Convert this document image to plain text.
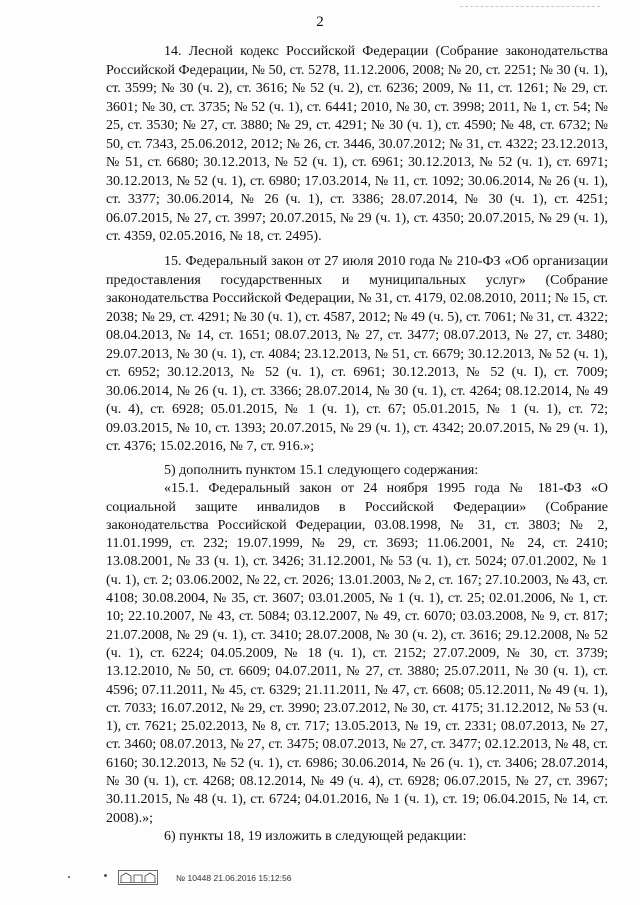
2

14. Лесной кодекс Российской Федерации (Собрание законодательства Российской Федерации, № 50, ст. 5278, 11.12.2006, 2008; № 20, ст. 2251; № 30 (ч. 1), ст. 3599; № 30 (ч. 2), ст. 3616; № 52 (ч. 2), ст. 6236; 2009, № 11, ст. 1261; № 29, ст. 3601; № 30, ст. 3735; № 52 (ч. 1), ст. 6441; 2010, № 30, ст. 3998; 2011, № 1, ст. 54; № 25, ст. 3530; № 27, ст. 3880; № 29, ст. 4291; № 30 (ч. 1), ст. 4590; № 48, ст. 6732; № 50, ст. 7343, 25.06.2012, 2012; № 26, ст. 3446, 30.07.2012; № 31, ст. 4322; 23.12.2013, № 51, ст. 6680; 30.12.2013, № 52 (ч. 1), ст. 6961; 30.12.2013, № 52 (ч. 1), ст. 6971; 30.12.2013, № 52 (ч. 1), ст. 6980; 17.03.2014, № 11, ст. 1092; 30.06.2014, № 26 (ч. 1), ст. 3377; 30.06.2014, № 26 (ч. 1), ст. 3386; 28.07.2014, № 30 (ч. 1), ст. 4251; 06.07.2015, № 27, ст. 3997; 20.07.2015, № 29 (ч. 1), ст. 4350; 20.07.2015, № 29 (ч. 1), ст. 4359, 02.05.2016, № 18, ст. 2495).

15. Федеральный закон от 27 июля 2010 года № 210-ФЗ «Об организации предоставления государственных и муниципальных услуг» (Собрание законодательства Российской Федерации, № 31, ст. 4179, 02.08.2010, 2011; № 15, ст. 2038; № 29, ст. 4291; № 30 (ч. 1), ст. 4587, 2012; № 49 (ч. 5), ст. 7061; № 31, ст. 4322; 08.04.2013, № 14, ст. 1651; 08.07.2013, № 27, ст. 3477; 08.07.2013, № 27, ст. 3480; 29.07.2013, № 30 (ч. 1), ст. 4084; 23.12.2013, № 51, ст. 6679; 30.12.2013, № 52 (ч. 1), ст. 6952; 30.12.2013, № 52 (ч. 1), ст. 6961; 30.12.2013, № 52 (ч. I), ст. 7009; 30.06.2014, № 26 (ч. 1), ст. 3366; 28.07.2014, № 30 (ч. 1), ст. 4264; 08.12.2014, № 49 (ч. 4), ст. 6928; 05.01.2015, № 1 (ч. 1), ст. 67; 05.01.2015, № 1 (ч. 1), ст. 72; 09.03.2015, № 10, ст. 1393; 20.07.2015, № 29 (ч. 1), ст. 4342; 20.07.2015, № 29 (ч. 1), ст. 4376; 15.02.2016, № 7, ст. 916.»;

5) дополнить пунктом 15.1 следующего содержания:

«15.1. Федеральный закон от 24 ноября 1995 года № 181-ФЗ «О социальной защите инвалидов в Российской Федерации» (Собрание законодательства Российской Федерации, 03.08.1998, № 31, ст. 3803; № 2, 11.01.1999, ст. 232; 19.07.1999, № 29, ст. 3693; 11.06.2001, № 24, ст. 2410; 13.08.2001, № 33 (ч. 1), ст. 3426; 31.12.2001, № 53 (ч. 1), ст. 5024; 07.01.2002, № 1 (ч. 1), ст. 2; 03.06.2002, № 22, ст. 2026; 13.01.2003, № 2, ст. 167; 27.10.2003, № 43, ст. 4108; 30.08.2004, № 35, ст. 3607; 03.01.2005, № 1 (ч. 1), ст. 25; 02.01.2006, № 1, ст. 10; 22.10.2007, № 43, ст. 5084; 03.12.2007, № 49, ст. 6070; 03.03.2008, № 9, ст. 817; 21.07.2008, № 29 (ч. 1), ст. 3410; 28.07.2008, № 30 (ч. 2), ст. 3616; 29.12.2008, № 52 (ч. 1), ст. 6224; 04.05.2009, № 18 (ч. 1), ст. 2152; 27.07.2009, № 30, ст. 3739; 13.12.2010, № 50, ст. 6609; 04.07.2011, № 27, ст. 3880; 25.07.2011, № 30 (ч. 1), ст. 4596; 07.11.2011, № 45, ст. 6329; 21.11.2011, № 47, ст. 6608; 05.12.2011, № 49 (ч. 1), ст. 7033; 16.07.2012, № 29, ст. 3990; 23.07.2012, № 30, ст. 4175; 31.12.2012, № 53 (ч. 1), ст. 7621; 25.02.2013, № 8, ст. 717; 13.05.2013, № 19, ст. 2331; 08.07.2013, № 27, ст. 3460; 08.07.2013, № 27, ст. 3475; 08.07.2013, № 27, ст. 3477; 02.12.2013, № 48, ст. 6160; 30.12.2013, № 52 (ч. 1), ст. 6986; 30.06.2014, № 26 (ч. 1), ст. 3406; 28.07.2014, № 30 (ч. 1), ст. 4268; 08.12.2014, № 49 (ч. 4), ст. 6928; 06.07.2015, № 27, ст. 3967; 30.11.2015, № 48 (ч. 1), ст. 6724; 04.01.2016, № 1 (ч. 1), ст. 19; 06.04.2015, № 14, ст. 2008).»;

6) пункты 18, 19 изложить в следующей редакции:

№ 10448 21.06.2016 15:12:56
